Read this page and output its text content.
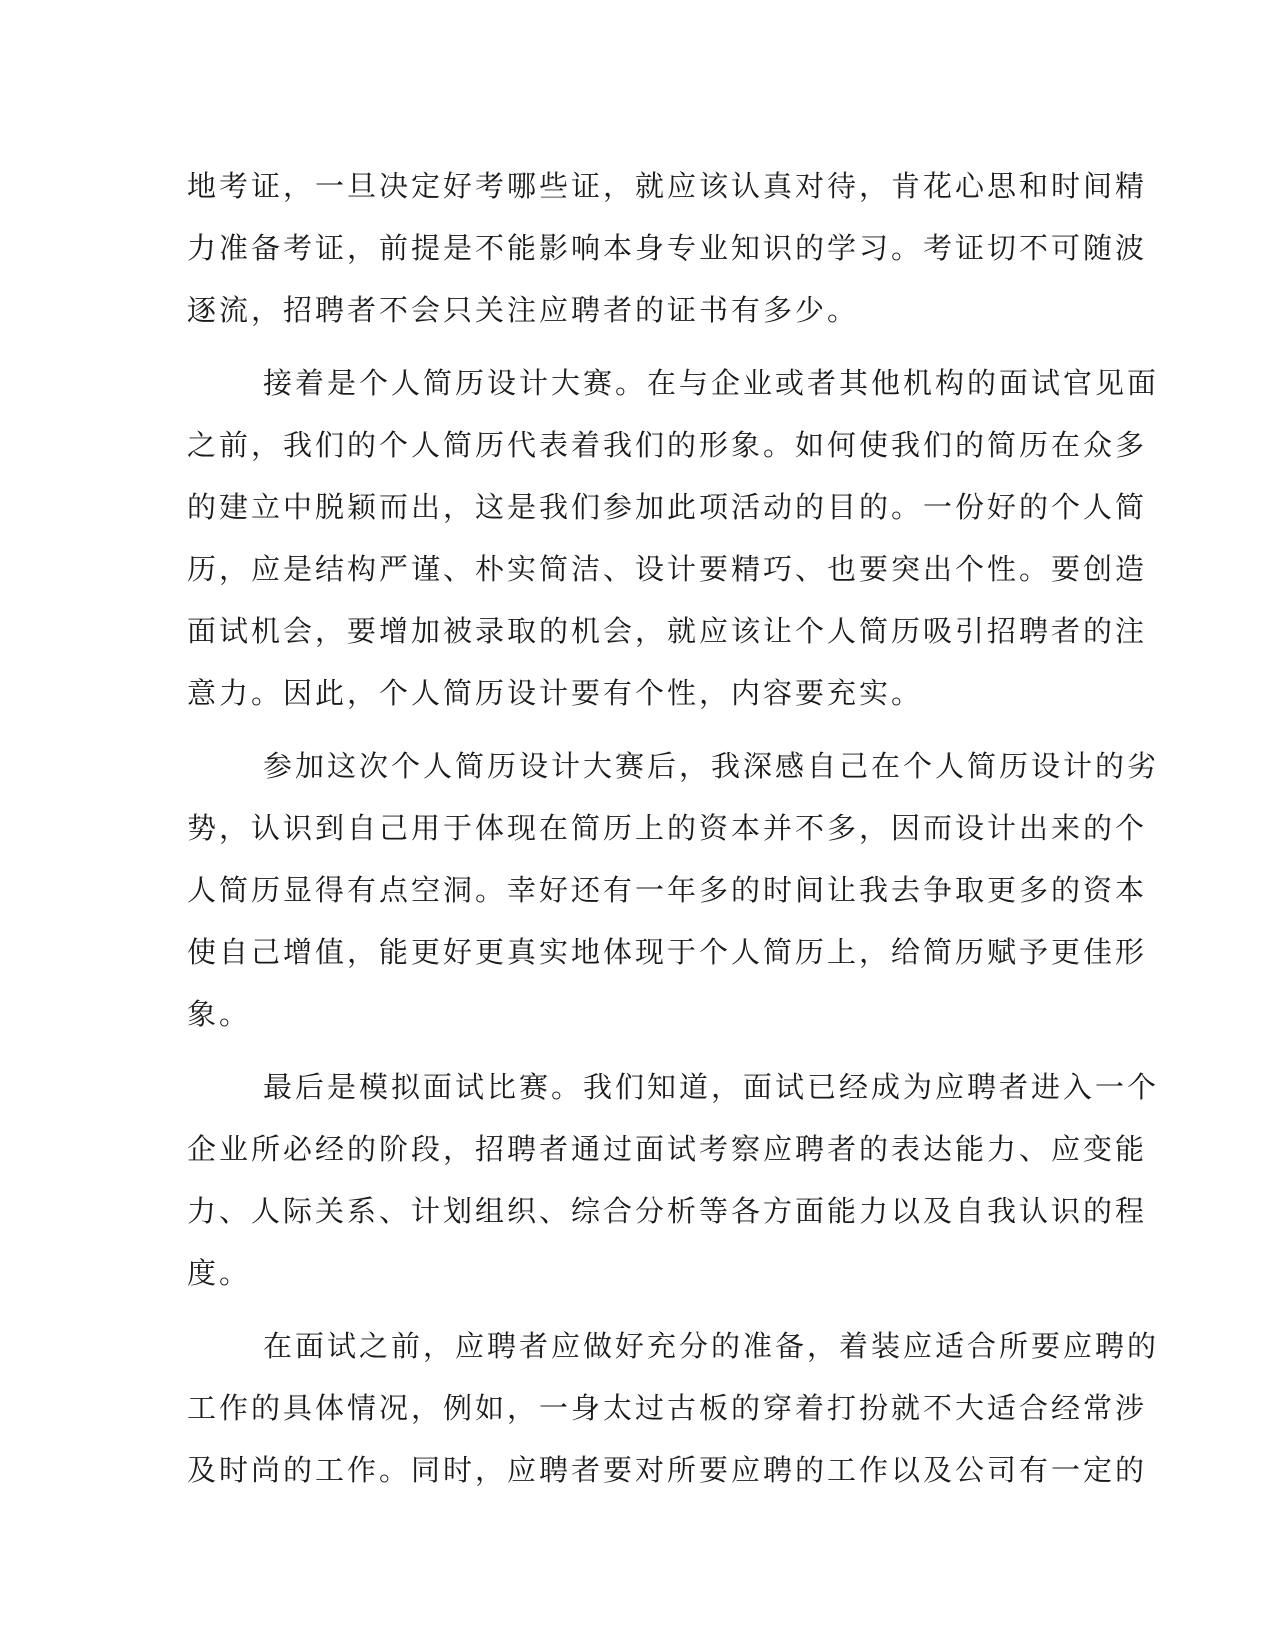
地考证，一旦决定好考哪些证，就应该认真对待，肯花心思和时间精
力准备考证，前提是不能影响本身专业知识的学习。考证切不可随波
逐流，招聘者不会只关注应聘者的证书有多少。
接着是个人简历设计大赛。在与企业或者其他机构的面试官见面
之前，我们的个人简历代表着我们的形象。如何使我们的简历在众多
的建立中脱颖而出，这是我们参加此项活动的目的。一份好的个人简
历，应是结构严谨、朴实简洁、设计要精巧、也要突出个性。要创造
面试机会，要增加被录取的机会，就应该让个人简历吸引招聘者的注
意力。因此，个人简历设计要有个性，内容要充实。
参加这次个人简历设计大赛后，我深感自己在个人简历设计的劣
势，认识到自己用于体现在简历上的资本并不多，因而设计出来的个
人简历显得有点空洞。幸好还有一年多的时间让我去争取更多的资本
使自己增值，能更好更真实地体现于个人简历上，给简历赋予更佳形
象。
最后是模拟面试比赛。我们知道，面试已经成为应聘者进入一个
企业所必经的阶段，招聘者通过面试考察应聘者的表达能力、应变能
力、人际关系、计划组织、综合分析等各方面能力以及自我认识的程
度。
在面试之前，应聘者应做好充分的准备，着装应适合所要应聘的
工作的具体情况，例如，一身太过古板的穿着打扮就不大适合经常涉
及时尚的工作。同时，应聘者要对所要应聘的工作以及公司有一定的
